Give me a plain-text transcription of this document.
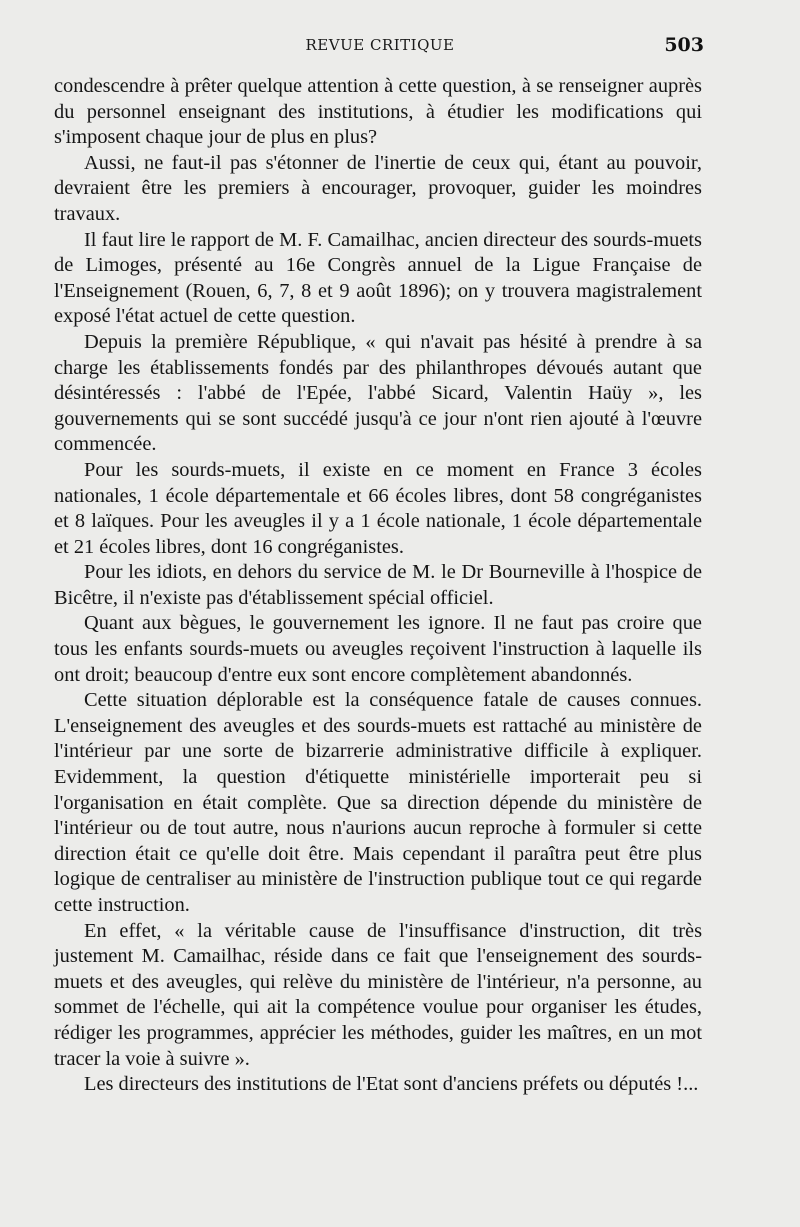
REVUE CRITIQUE	503

condescendre à prêter quelque attention à cette question, à se renseigner auprès du personnel enseignant des institutions, à étudier les modifications qui s'imposent chaque jour de plus en plus?

Aussi, ne faut-il pas s'étonner de l'inertie de ceux qui, étant au pouvoir, devraient être les premiers à encourager, provoquer, guider les moindres travaux.

Il faut lire le rapport de M. F. Camailhac, ancien directeur des sourds-muets de Limoges, présenté au 16e Congrès annuel de la Ligue Française de l'Enseignement (Rouen, 6, 7, 8 et 9 août 1896); on y trouvera magistralement exposé l'état actuel de cette question.

Depuis la première République, « qui n'avait pas hésité à prendre à sa charge les établissements fondés par des philanthropes dévoués autant que désintéressés : l'abbé de l'Epée, l'abbé Sicard, Valentin Haüy », les gouvernements qui se sont succédé jusqu'à ce jour n'ont rien ajouté à l'œuvre commencée.

Pour les sourds-muets, il existe en ce moment en France 3 écoles nationales, 1 école départementale et 66 écoles libres, dont 58 congréganistes et 8 laïques. Pour les aveugles il y a 1 école nationale, 1 école départementale et 21 écoles libres, dont 16 congréganistes.

Pour les idiots, en dehors du service de M. le Dr Bourneville à l'hospice de Bicêtre, il n'existe pas d'établissement spécial officiel.

Quant aux bègues, le gouvernement les ignore. Il ne faut pas croire que tous les enfants sourds-muets ou aveugles reçoivent l'instruction à laquelle ils ont droit; beaucoup d'entre eux sont encore complètement abandonnés.

Cette situation déplorable est la conséquence fatale de causes connues. L'enseignement des aveugles et des sourds-muets est rattaché au ministère de l'intérieur par une sorte de bizarrerie administrative difficile à expliquer. Evidemment, la question d'étiquette ministérielle importerait peu si l'organisation en était complète. Que sa direction dépende du ministère de l'intérieur ou de tout autre, nous n'aurions aucun reproche à formuler si cette direction était ce qu'elle doit être. Mais cependant il paraîtra peut être plus logique de centraliser au ministère de l'instruction publique tout ce qui regarde cette instruction.

En effet, « la véritable cause de l'insuffisance d'instruction, dit très justement M. Camailhac, réside dans ce fait que l'enseignement des sourds-muets et des aveugles, qui relève du ministère de l'intérieur, n'a personne, au sommet de l'échelle, qui ait la compétence voulue pour organiser les études, rédiger les programmes, apprécier les méthodes, guider les maîtres, en un mot tracer la voie à suivre ».

Les directeurs des institutions de l'Etat sont d'anciens préfets ou députés !...
